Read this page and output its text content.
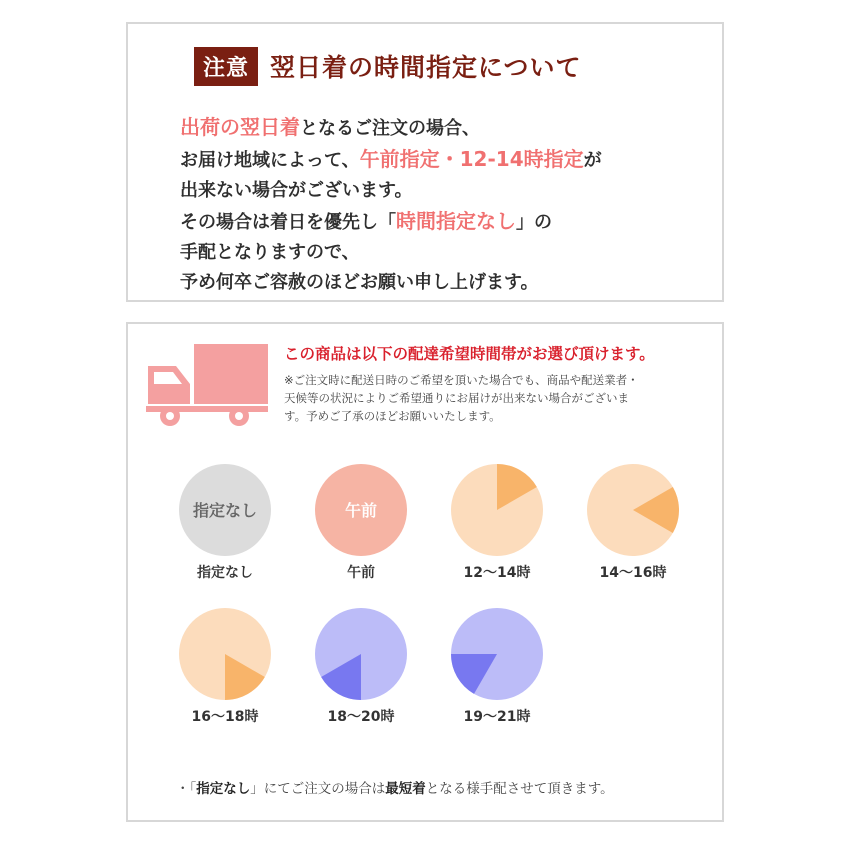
注意 翌日着の時間指定について
出荷の翌日着となるご注文の場合、
お届け地域によって、午前指定・12-14時指定が
出来ない場合がございます。
その場合は着日を優先し「時間指定なし」の
手配となりますので、
予め何卒ご容赦のほどお願い申し上げます。
この商品は以下の配達希望時間帯がお選び頂けます。
※ご注文時に配送日時のご希望を頂いた場合でも、商品や配送業者・
天候等の状況によりご希望通りにお届けが出来ない場合がございま
す。予めご了承のほどお願いいたします。
指定なし
指定なし
午前
午前	12〜14時	14〜16時
16〜18時	18〜20時	19〜21時
・「指定なし」にてご注文の場合は最短着となる様手配させて頂きます。
